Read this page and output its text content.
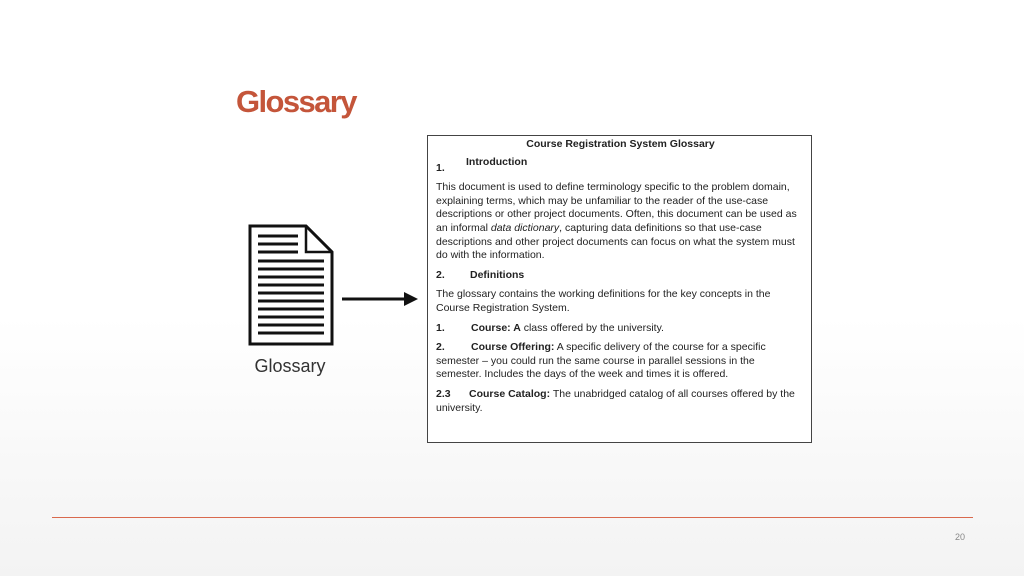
Glossary
Glossary
Course Registration System Glossary
1.	Introduction
This document is used to define terminology specific to the problem domain, explaining terms, which may be unfamiliar to the reader of the use-case descriptions or other project documents. Often, this document can be used as an informal data dictionary, capturing data definitions so that use-case descriptions and other project documents can focus on what the system must do with the information.
2.	Definitions
The glossary contains the working definitions for the key concepts in the Course Registration System.
1. Course: A class offered by the university.
2. Course Offering: A specific delivery of the course for a specific semester – you could run the same course in parallel sessions in the semester. Includes the days of the week and times it is offered.
2.3 Course Catalog: The unabridged catalog of all courses offered by the university.
20
